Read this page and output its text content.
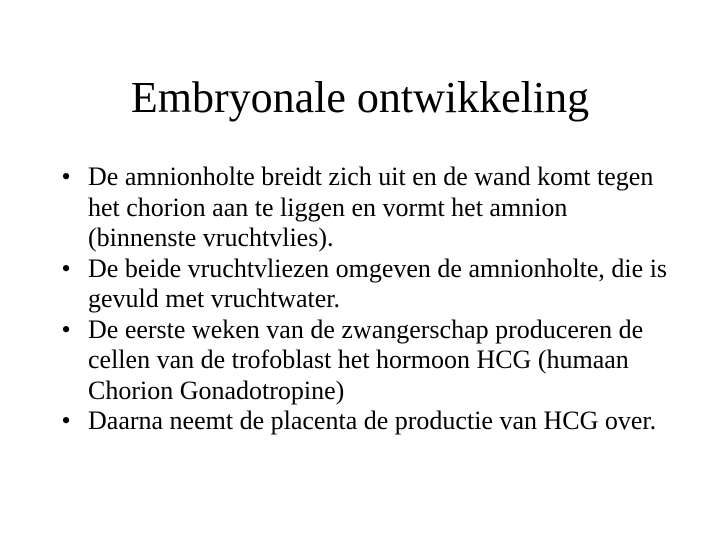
Embryonale ontwikkeling
• De amnionholte breidt zich uit en de wand komt tegen het chorion aan te liggen en vormt het amnion (binnenste vruchtvlies).
• De beide vruchtvliezen omgeven de amnionholte, die is gevuld met vruchtwater.
• De eerste weken van de zwangerschap produceren de cellen van de trofoblast het hormoon HCG (humaan Chorion Gonadotropine)
• Daarna neemt de placenta de productie van HCG over.
